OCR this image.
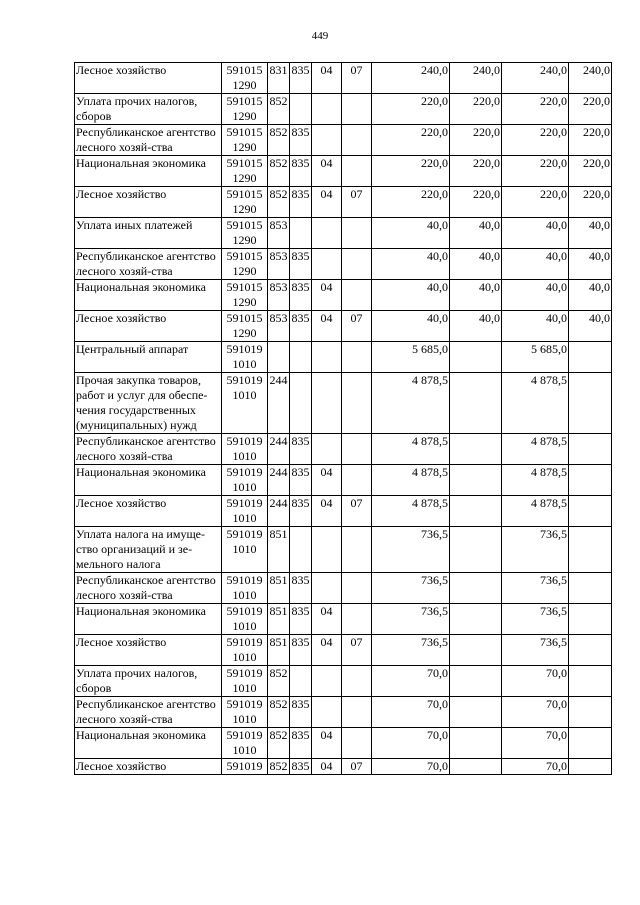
449
Лесное хозяйство	591015 1290	831	835	04	07	240,0	240,0	240,0	240,0
Уплата прочих налогов, сборов	591015 1290	852				220,0	220,0	220,0	220,0
Республиканское агентство лесного хозяй-ства	591015 1290	852	835			220,0	220,0	220,0	220,0
Национальная экономика	591015 1290	852	835	04		220,0	220,0	220,0	220,0
Лесное хозяйство	591015 1290	852	835	04	07	220,0	220,0	220,0	220,0
Уплата иных платежей	591015 1290	853				40,0	40,0	40,0	40,0
Республиканское агентство лесного хозяй-ства	591015 1290	853	835			40,0	40,0	40,0	40,0
Национальная экономика	591015 1290	853	835	04		40,0	40,0	40,0	40,0
Лесное хозяйство	591015 1290	853	835	04	07	40,0	40,0	40,0	40,0
Центральный аппарат	591019 1010					5 685,0		5 685,0	
Прочая закупка товаров, работ и услуг для обеспе-чения государственных (муниципальных) нужд	591019 1010	244				4 878,5		4 878,5	
Республиканское агентство лесного хозяй-ства	591019 1010	244	835			4 878,5		4 878,5	
Национальная экономика	591019 1010	244	835	04		4 878,5		4 878,5	
Лесное хозяйство	591019 1010	244	835	04	07	4 878,5		4 878,5	
Уплата налога на имуще-ство организаций и зе-мельного налога	591019 1010	851				736,5		736,5	
Республиканское агентство лесного хозяй-ства	591019 1010	851	835			736,5		736,5	
Национальная экономика	591019 1010	851	835	04		736,5		736,5	
Лесное хозяйство	591019 1010	851	835	04	07	736,5		736,5	
Уплата прочих налогов, сборов	591019 1010	852				70,0		70,0	
Республиканское агентство лесного хозяй-ства	591019 1010	852	835			70,0		70,0	
Национальная экономика	591019 1010	852	835	04		70,0		70,0	
Лесное хозяйство	591019	852	835	04	07	70,0		70,0	
